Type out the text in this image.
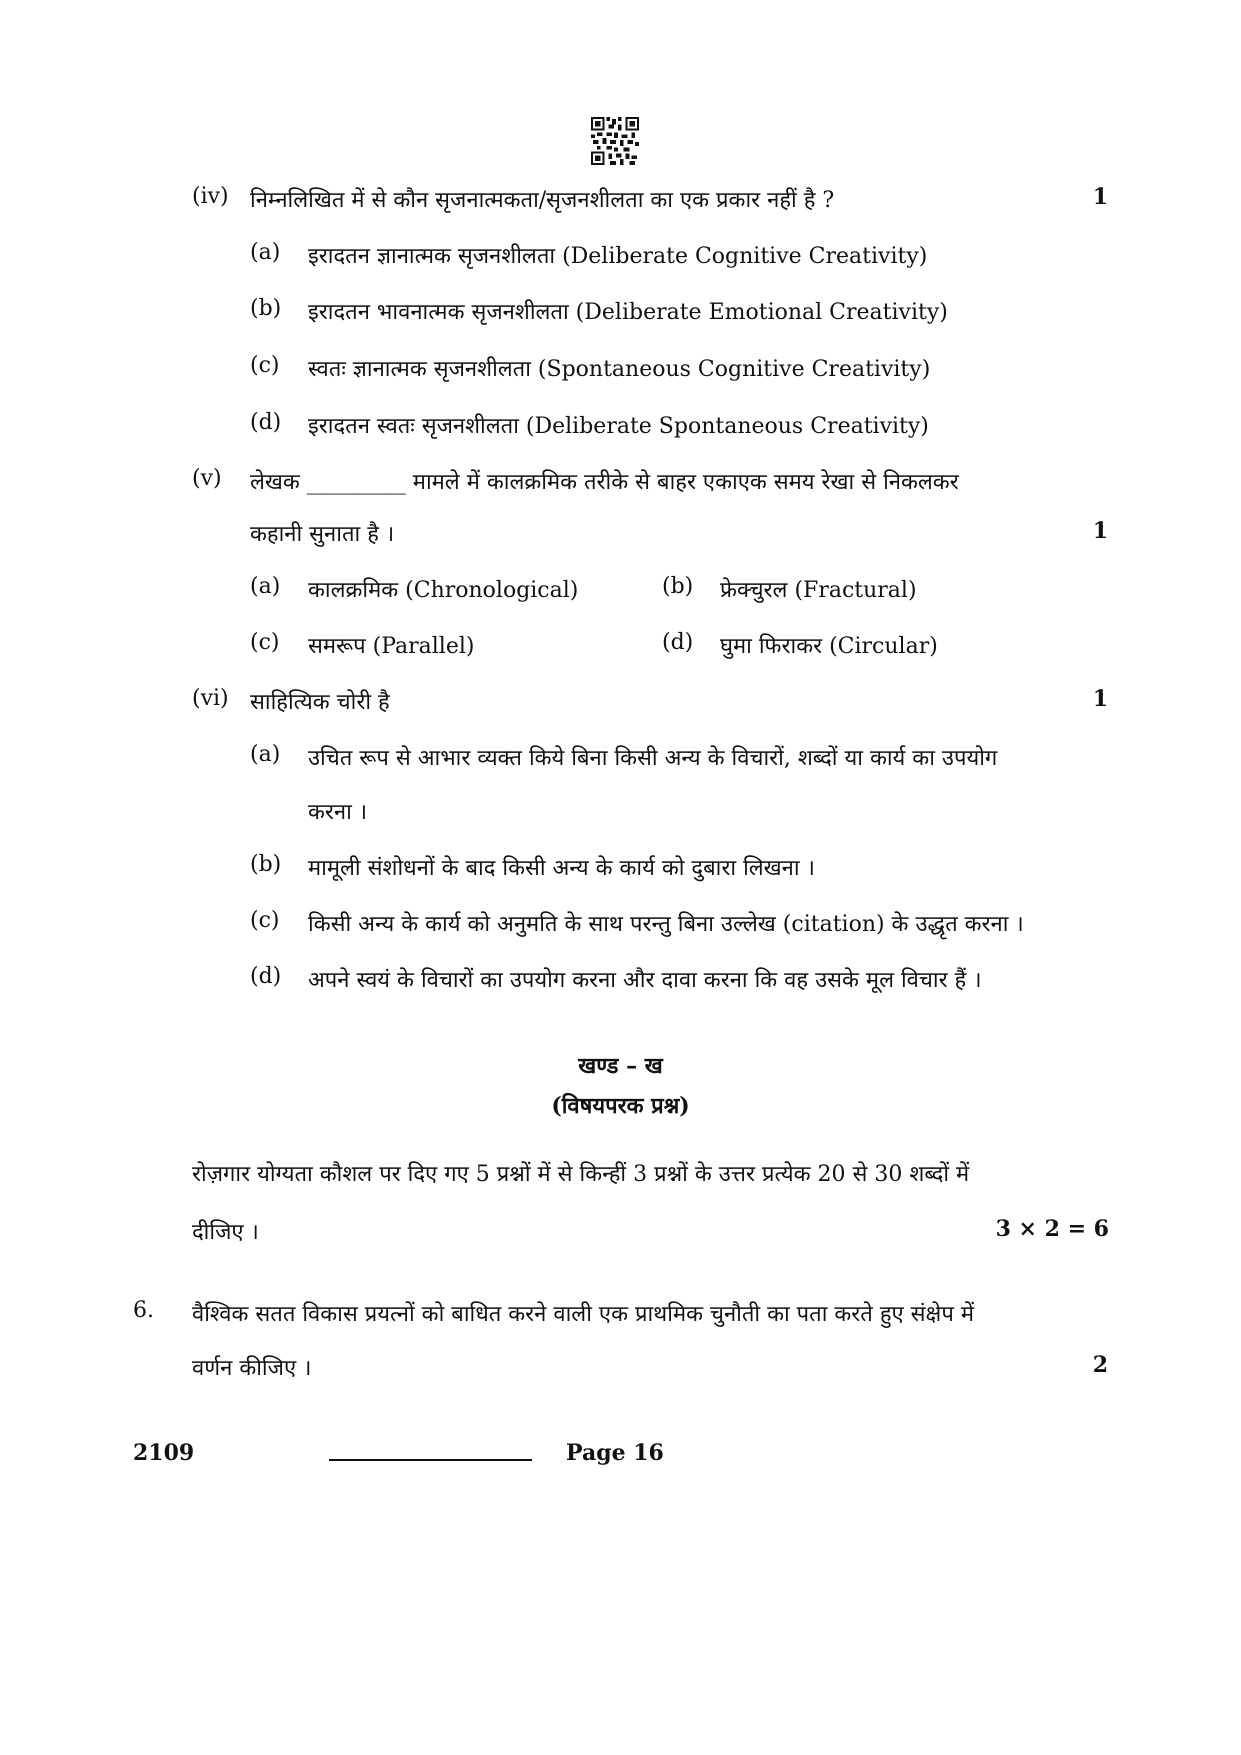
(iv) निम्नलिखित में से कौन सृजनात्मकता/सृजनशीलता का एक प्रकार नहीं है ?	1
(a) इरादतन ज्ञानात्मक सृजनशीलता (Deliberate Cognitive Creativity)
(b) इरादतन भावनात्मक सृजनशीलता (Deliberate Emotional Creativity)
(c) स्वतः ज्ञानात्मक सृजनशीलता (Spontaneous Cognitive Creativity)
(d) इरादतन स्वतः सृजनशीलता (Deliberate Spontaneous Creativity)
(v) लेखक _________ मामले में कालक्रमिक तरीके से बाहर एकाएक समय रेखा से निकलकर
कहानी सुनाता है ।	1
(a) कालक्रमिक (Chronological)	(b) फ्रेक्चुरल (Fractural)
(c) समरूप (Parallel)	(d) घुमा फिराकर (Circular)
(vi) साहित्यिक चोरी है	1
(a) उचित रूप से आभार व्यक्त किये बिना किसी अन्य के विचारों, शब्दों या कार्य का उपयोग
करना ।
(b) मामूली संशोधनों के बाद किसी अन्य के कार्य को दुबारा लिखना ।
(c) किसी अन्य के कार्य को अनुमति के साथ परन्तु बिना उल्लेख (citation) के उद्धृत करना ।
(d) अपने स्वयं के विचारों का उपयोग करना और दावा करना कि वह उसके मूल विचार हैं ।
खण्ड – ख
(विषयपरक प्रश्न)
रोज़गार योग्यता कौशल पर दिए गए 5 प्रश्नों में से किन्हीं 3 प्रश्नों के उत्तर प्रत्येक 20 से 30 शब्दों में
दीजिए ।	3 × 2 = 6
6. वैश्विक सतत विकास प्रयत्नों को बाधित करने वाली एक प्राथमिक चुनौती का पता करते हुए संक्षेप में
वर्णन कीजिए ।	2
2109	Page 16
